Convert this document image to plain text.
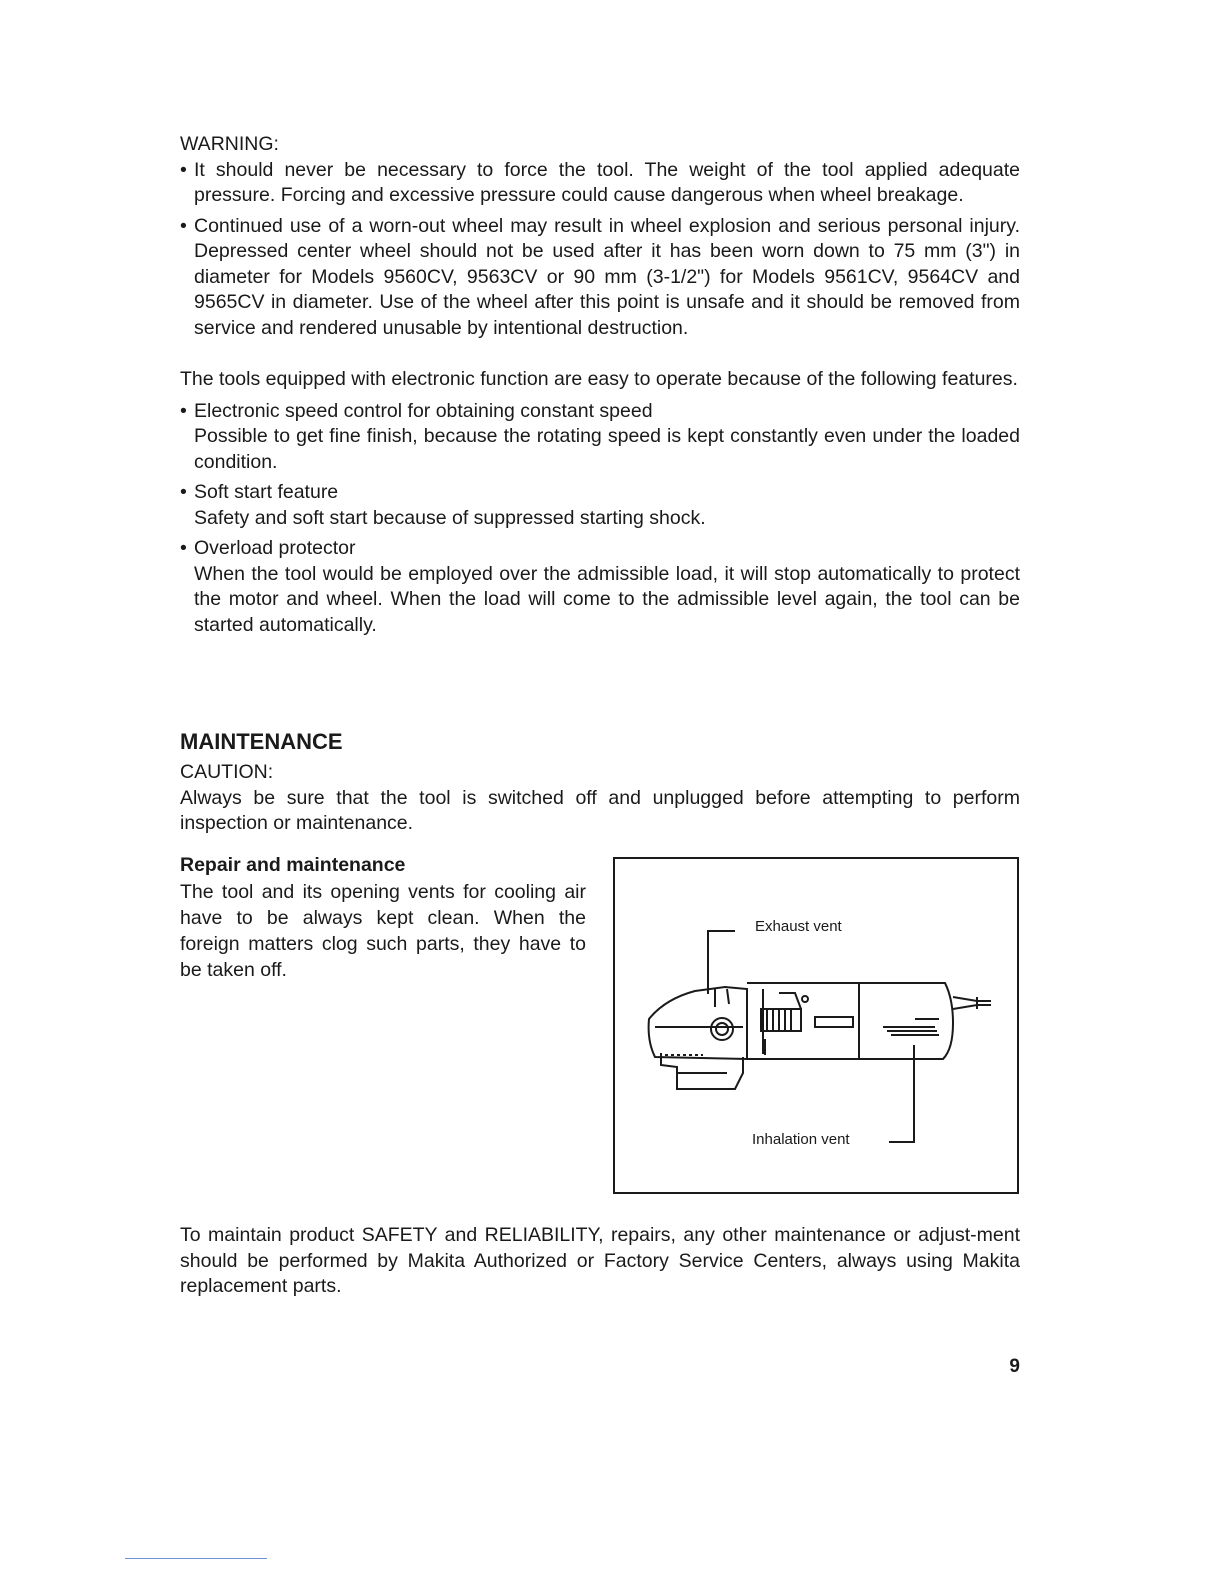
WARNING:

• It should never be necessary to force the tool. The weight of the tool applied adequate pressure. Forcing and excessive pressure could cause dangerous when wheel breakage.
• Continued use of a worn-out wheel may result in wheel explosion and serious personal injury. Depressed center wheel should not be used after it has been worn down to 75 mm (3") in diameter for Models 9560CV, 9563CV or 90 mm (3-1/2") for Models 9561CV, 9564CV and 9565CV in diameter. Use of the wheel after this point is unsafe and it should be removed from service and rendered unusable by intentional destruction.

The tools equipped with electronic function are easy to operate because of the following features.

• Electronic speed control for obtaining constant speed
Possible to get fine finish, because the rotating speed is kept constantly even under the loaded condition.
• Soft start feature
Safety and soft start because of suppressed starting shock.
• Overload protector
When the tool would be employed over the admissible load, it will stop automatically to protect the motor and wheel. When the load will come to the admissible level again, the tool can be started automatically.

MAINTENANCE

CAUTION:

Always be sure that the tool is switched off and unplugged before attempting to perform inspection or maintenance.

Repair and maintenance

The tool and its opening vents for cooling air have to be always kept clean. When the foreign matters clog such parts, they have to be taken off.

Exhaust vent
Inhalation vent

To maintain product SAFETY and RELIABILITY, repairs, any other maintenance or adjust-ment should be performed by Makita Authorized or Factory Service Centers, always using Makita replacement parts.

9
